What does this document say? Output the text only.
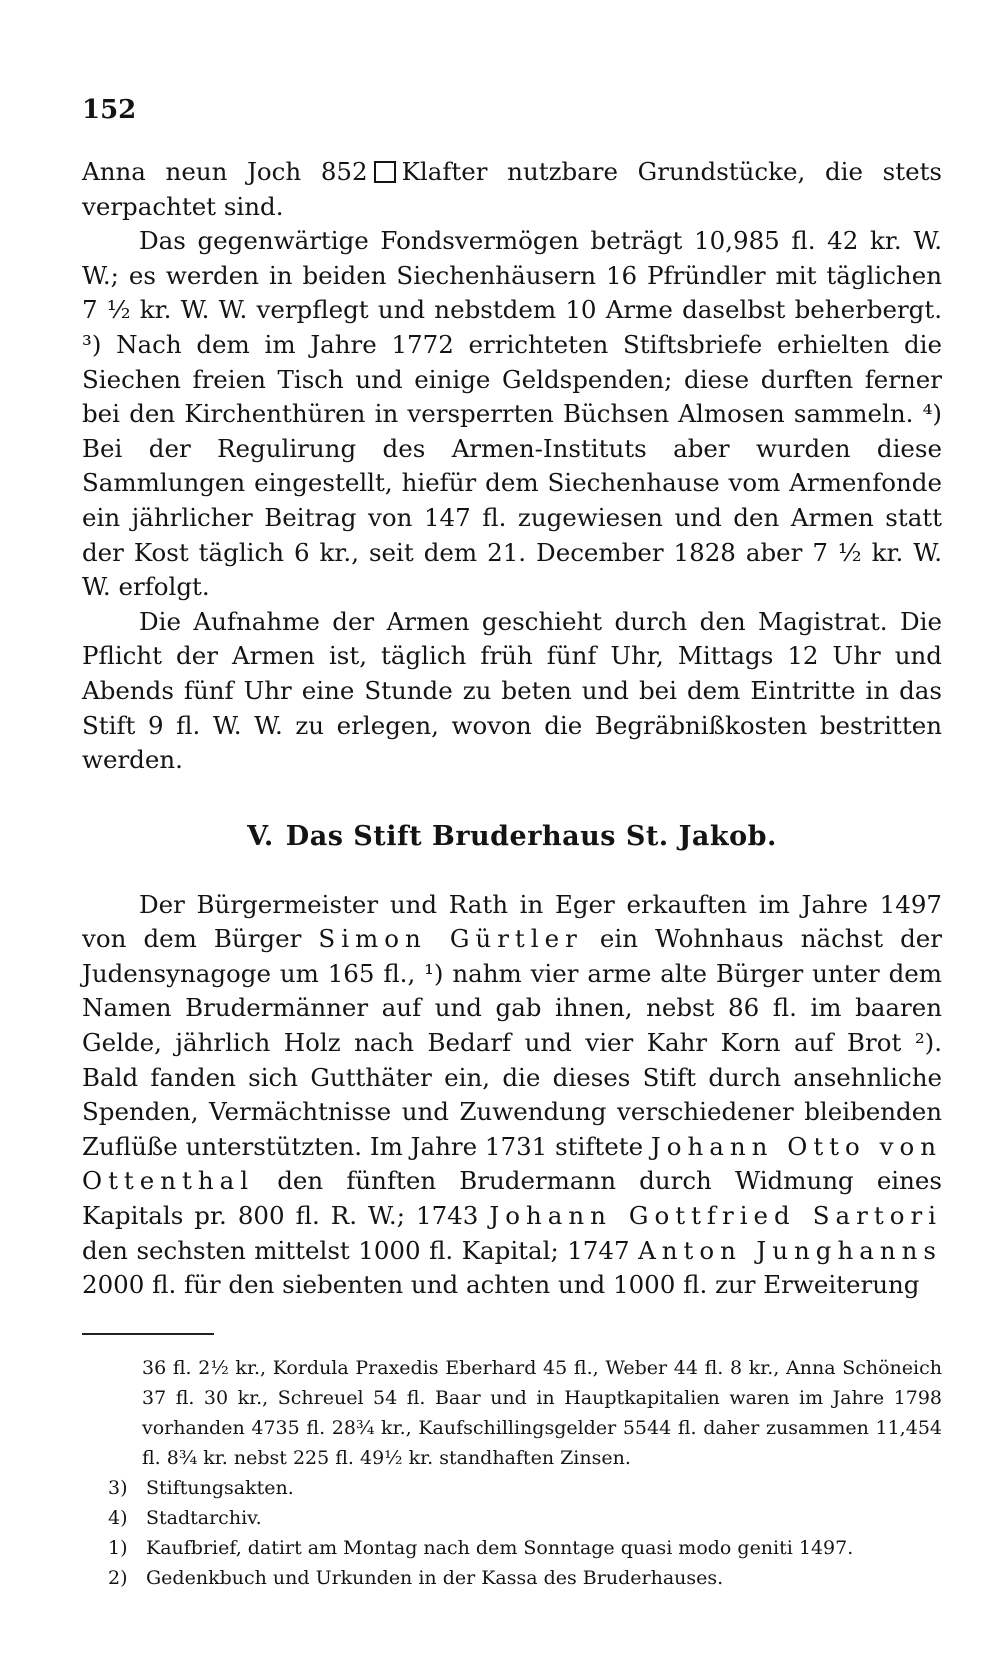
152

Anna neun Joch 852 Klafter nutzbare Grundstücke, die stets verpachtet sind.

Das gegenwärtige Fondsvermögen beträgt 10,985 fl. 42 kr. W. W.; es werden in beiden Siechenhäusern 16 Pfründler mit täglichen 7 ½ kr. W. W. verpflegt und nebstdem 10 Arme daselbst beherbergt. ³) Nach dem im Jahre 1772 errichteten Stiftsbriefe erhielten die Siechen freien Tisch und einige Geldspenden; diese durften ferner bei den Kirchenthüren in versperrten Büchsen Almosen sammeln. ⁴) Bei der Regulirung des Armen-Instituts aber wurden diese Sammlungen eingestellt, hiefür dem Siechenhause vom Armenfonde ein jährlicher Beitrag von 147 fl. zugewiesen und den Armen statt der Kost täglich 6 kr., seit dem 21. December 1828 aber 7 ½ kr. W. W. erfolgt.

Die Aufnahme der Armen geschieht durch den Magistrat. Die Pflicht der Armen ist, täglich früh fünf Uhr, Mittags 12 Uhr und Abends fünf Uhr eine Stunde zu beten und bei dem Eintritte in das Stift 9 fl. W. W. zu erlegen, wovon die Begräbnißkosten bestritten werden.

V. Das Stift Bruderhaus St. Jakob.

Der Bürgermeister und Rath in Eger erkauften im Jahre 1497 von dem Bürger Simon Gürtler ein Wohnhaus nächst der Judensynagoge um 165 fl., ¹) nahm vier arme alte Bürger unter dem Namen Brudermänner auf und gab ihnen, nebst 86 fl. im baaren Gelde, jährlich Holz nach Bedarf und vier Kahr Korn auf Brot ²). Bald fanden sich Gutthäter ein, die dieses Stift durch ansehnliche Spenden, Vermächtnisse und Zuwendung verschiedener bleibenden Zuflüße unterstützten. Im Jahre 1731 stiftete Johann Otto von Ottenthal den fünften Brudermann durch Widmung eines Kapitals pr. 800 fl. R. W.; 1743 Johann Gottfried Sartori den sechsten mittelst 1000 fl. Kapital; 1747 Anton Junghanns 2000 fl. für den siebenten und achten und 1000 fl. zur Erweiterung

36 fl. 2½ kr., Kordula Praxedis Eberhard 45 fl., Weber 44 fl. 8 kr., Anna Schöneich 37 fl. 30 kr., Schreuel 54 fl. Baar und in Hauptkapitalien waren im Jahre 1798 vorhanden 4735 fl. 28¾ kr., Kaufschillingsgelder 5544 fl. daher zusammen 11,454 fl. 8¾ kr. nebst 225 fl. 49½ kr. standhaften Zinsen.

3) Stiftungsakten.

4) Stadtarchiv.

1) Kaufbrief, datirt am Montag nach dem Sonntage quasi modo geniti 1497.

2) Gedenkbuch und Urkunden in der Kassa des Bruderhauses.
